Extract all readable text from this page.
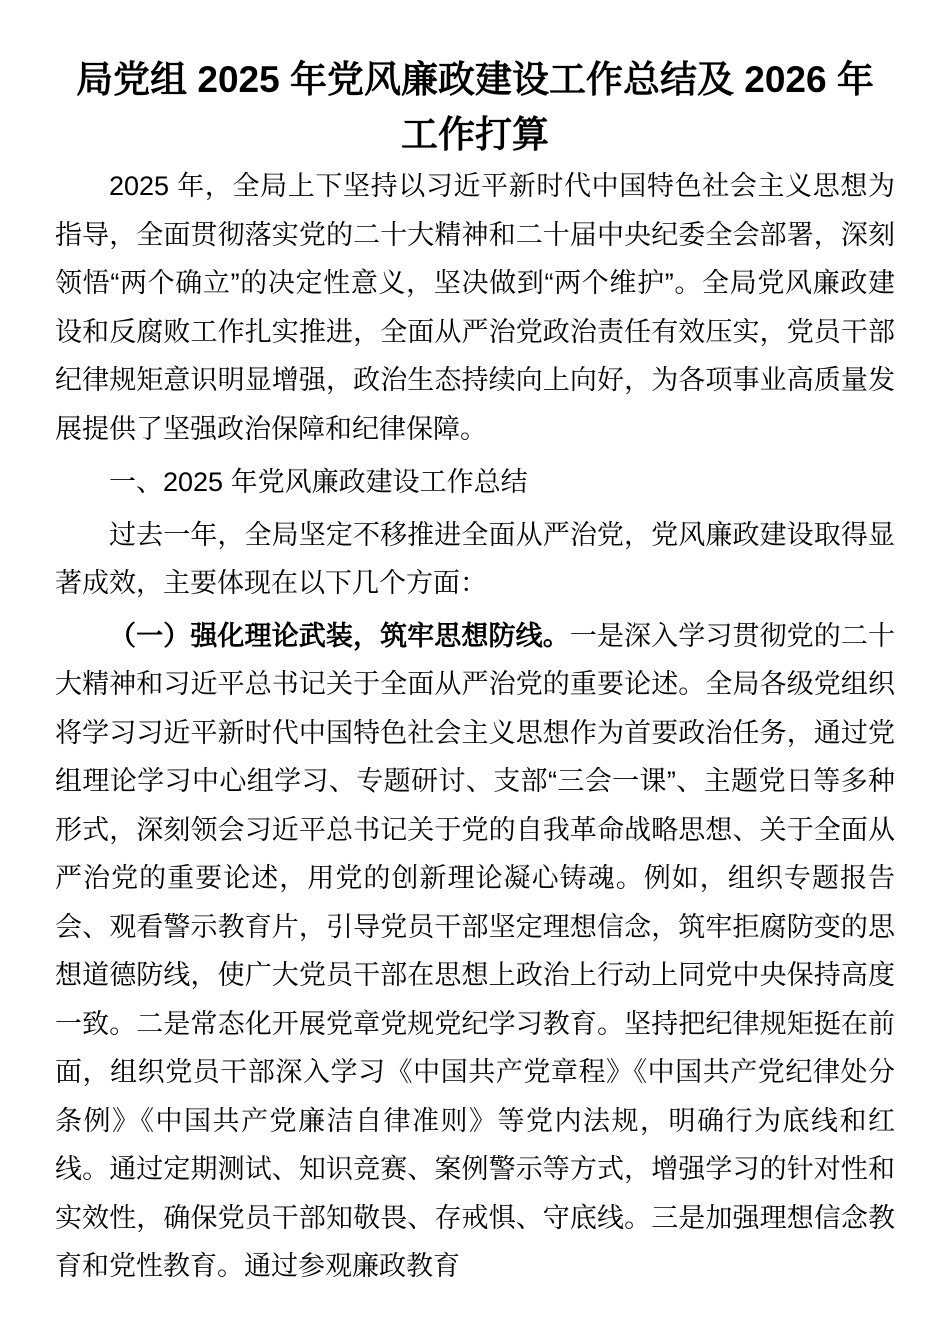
局党组 2025 年党风廉政建设工作总结及 2026 年工作打算

2025 年，全局上下坚持以习近平新时代中国特色社会主义思想为指导，全面贯彻落实党的二十大精神和二十届中央纪委全会部署，深刻领悟“两个确立”的决定性意义，坚决做到“两个维护”。全局党风廉政建设和反腐败工作扎实推进，全面从严治党政治责任有效压实，党员干部纪律规矩意识明显增强，政治生态持续向上向好，为各项事业高质量发展提供了坚强政治保障和纪律保障。

一、2025 年党风廉政建设工作总结

过去一年，全局坚定不移推进全面从严治党，党风廉政建设取得显著成效，主要体现在以下几个方面：

（一）强化理论武装，筑牢思想防线。一是深入学习贯彻党的二十大精神和习近平总书记关于全面从严治党的重要论述。全局各级党组织将学习习近平新时代中国特色社会主义思想作为首要政治任务，通过党组理论学习中心组学习、专题研讨、支部“三会一课”、主题党日等多种形式，深刻领会习近平总书记关于党的自我革命战略思想、关于全面从严治党的重要论述，用党的创新理论凝心铸魂。例如，组织专题报告会、观看警示教育片，引导党员干部坚定理想信念，筑牢拒腐防变的思想道德防线，使广大党员干部在思想上政治上行动上同党中央保持高度一致。二是常态化开展党章党规党纪学习教育。坚持把纪律规矩挺在前面，组织党员干部深入学习《中国共产党章程》《中国共产党纪律处分条例》《中国共产党廉洁自律准则》等党内法规，明确行为底线和红线。通过定期测试、知识竞赛、案例警示等方式，增强学习的针对性和实效性，确保党员干部知敬畏、存戒惧、守底线。三是加强理想信念教育和党性教育。通过参观廉政教育
